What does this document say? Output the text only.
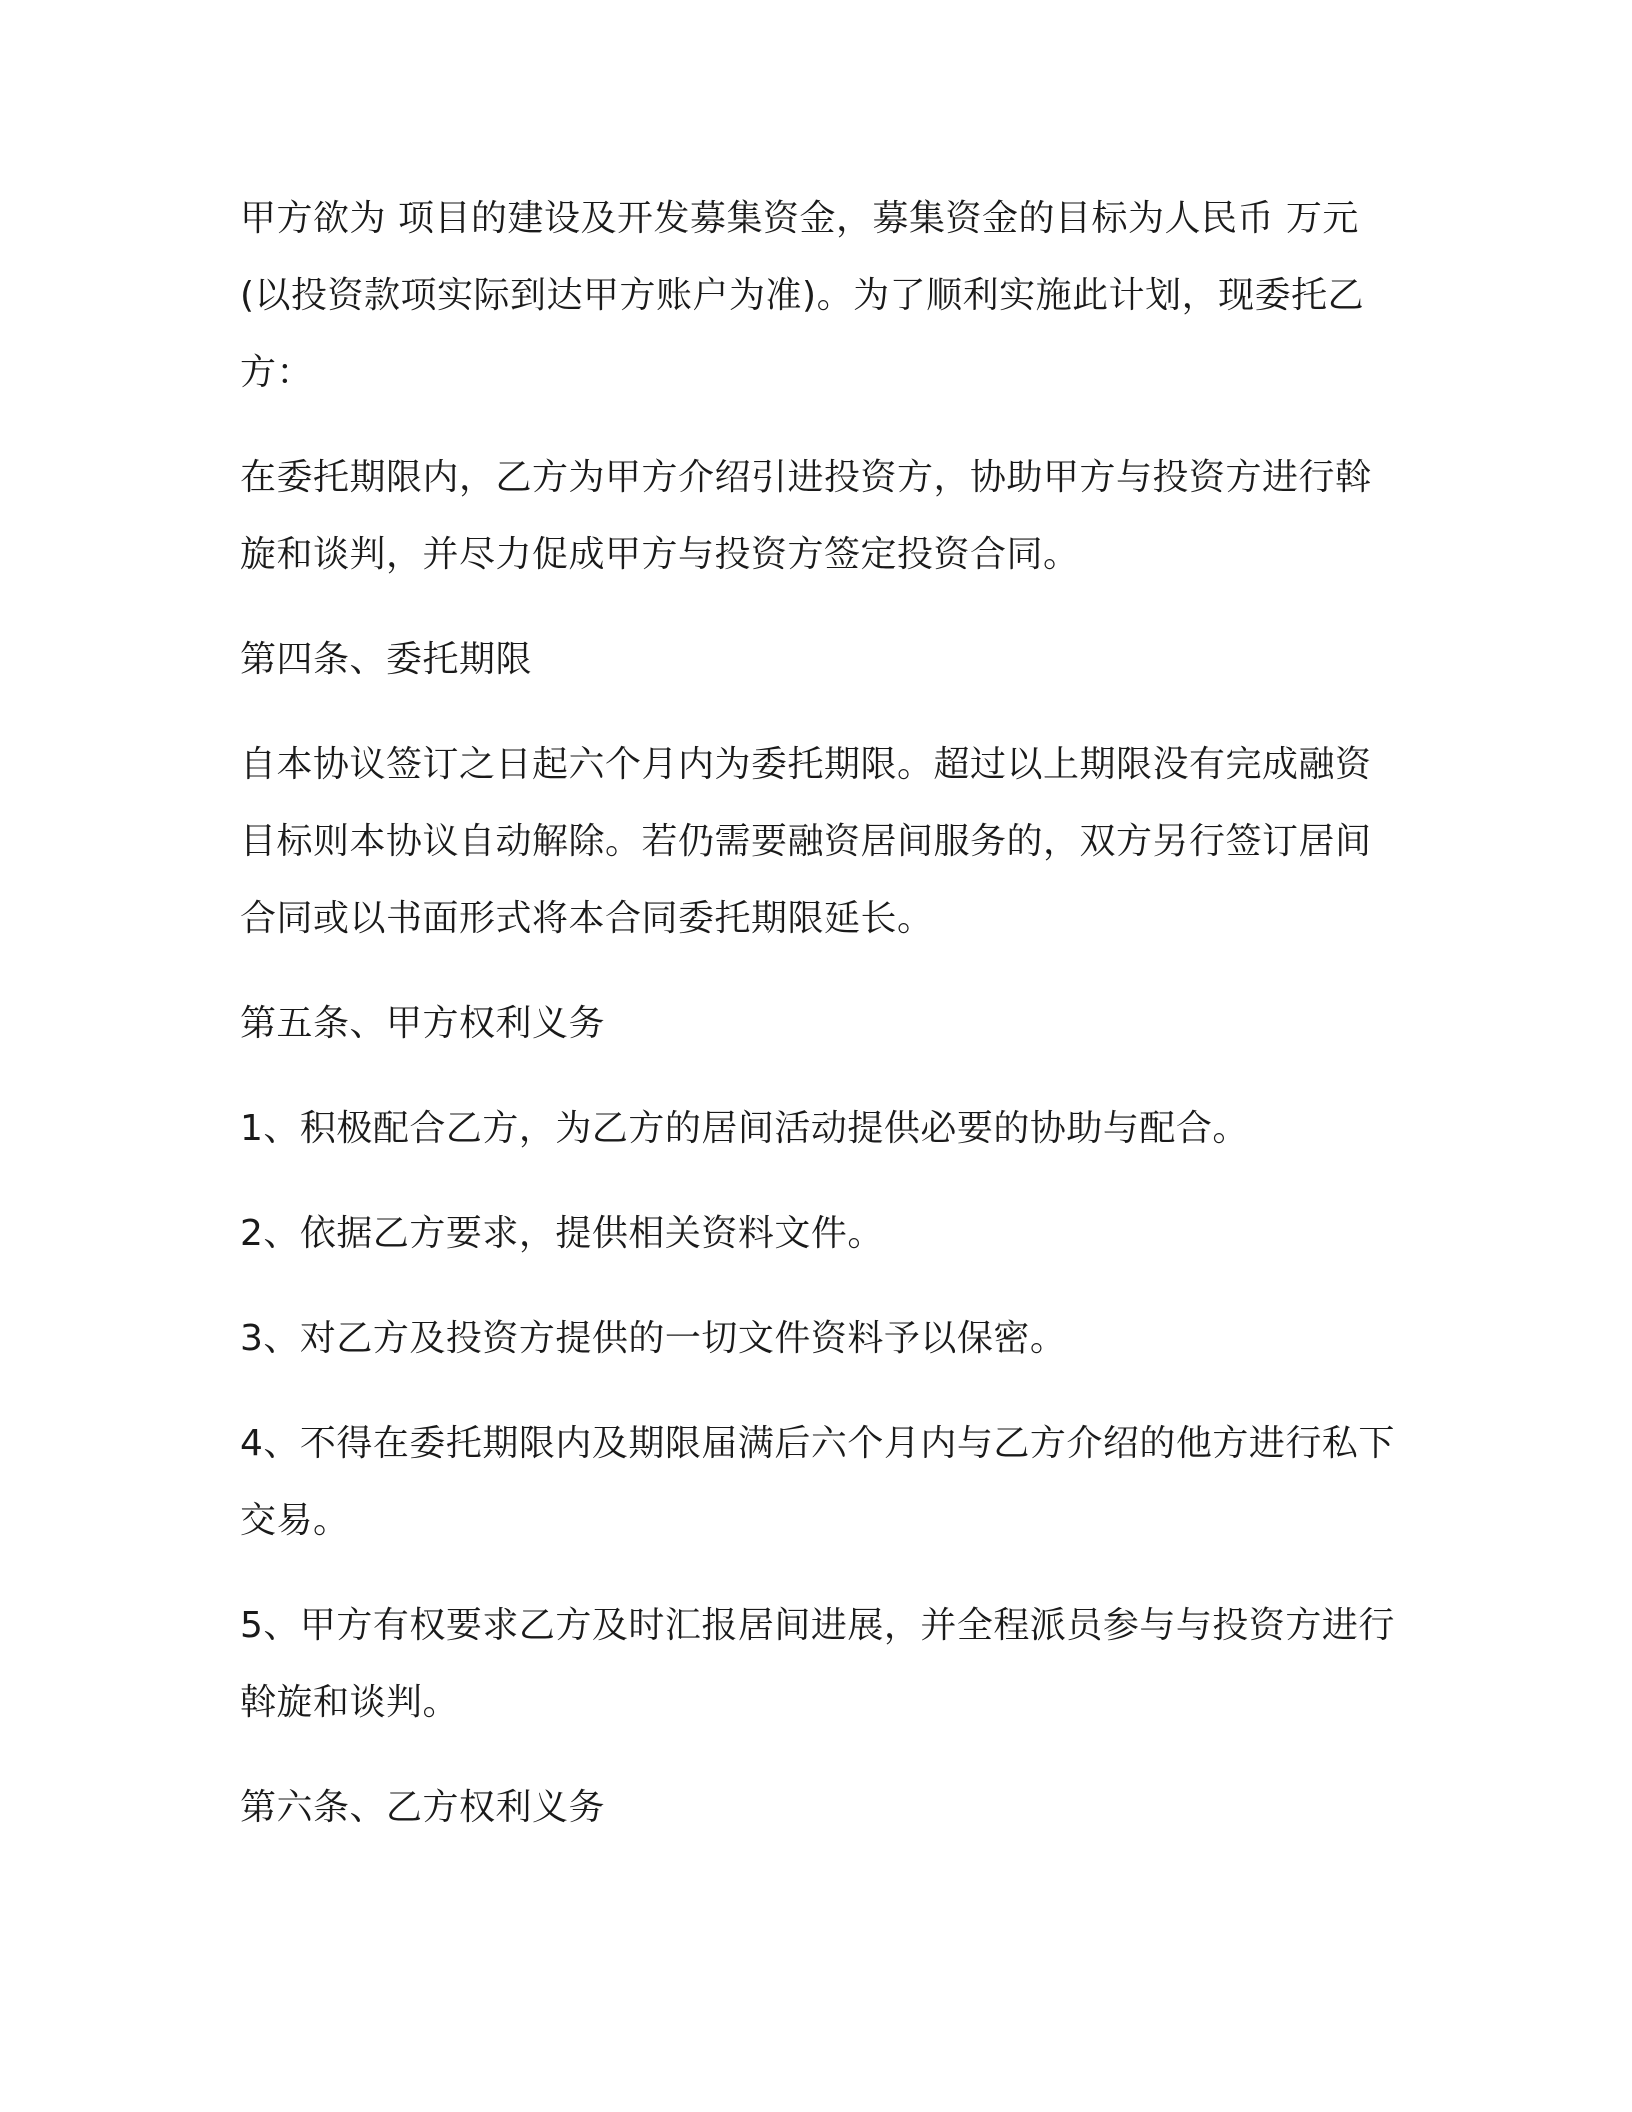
甲方欲为 项目的建设及开发募集资金，募集资金的目标为人民币 万元(以投资款项实际到达甲方账户为准)。为了顺利实施此计划，现委托乙方：

在委托期限内，乙方为甲方介绍引进投资方，协助甲方与投资方进行斡旋和谈判，并尽力促成甲方与投资方签定投资合同。

第四条、委托期限

自本协议签订之日起六个月内为委托期限。超过以上期限没有完成融资目标则本协议自动解除。若仍需要融资居间服务的，双方另行签订居间合同或以书面形式将本合同委托期限延长。

第五条、甲方权利义务

1、积极配合乙方，为乙方的居间活动提供必要的协助与配合。

2、依据乙方要求，提供相关资料文件。

3、对乙方及投资方提供的一切文件资料予以保密。

4、不得在委托期限内及期限届满后六个月内与乙方介绍的他方进行私下交易。

5、甲方有权要求乙方及时汇报居间进展，并全程派员参与与投资方进行斡旋和谈判。

第六条、乙方权利义务
